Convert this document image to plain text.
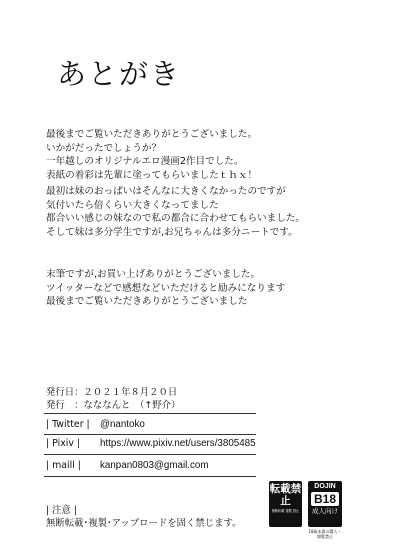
あとがき
最後までご覧いただきありがとうございました。
いかがだったでしょうか？
一年越しのオリジナルエロ漫画2作目でした。
表紙の着彩は先輩に塗ってもらいましたｔｈｘ！
最初は妹のおっぱいはそんなに大きくなかったのですが
気付いたら倍くらい大きくなってました
都合いい感じの妹なので私の都合に合わせてもらいました。
そして妹は多分学生ですが,お兄ちゃんは多分ニートです。
末筆ですが,お買い上げありがとうございました。
ツイッターなどで感想などいただけると励みになります
最後までご覧いただきありがとうございました
発行日：２０２１年８月２０日
発行　：なななんと　（↑野介）
| Twitter | @nantoko
| Pixiv | https://www.pixiv.net/users/3805485
| maill | kanpan0803@gmail.com
| 注意 |
無断転載･複製･アップロードを固く禁じます。
転載禁止
無断転載 複製 禁止
DOJIN
B18
成人向け
18歳未満の購入・閲覧禁止
